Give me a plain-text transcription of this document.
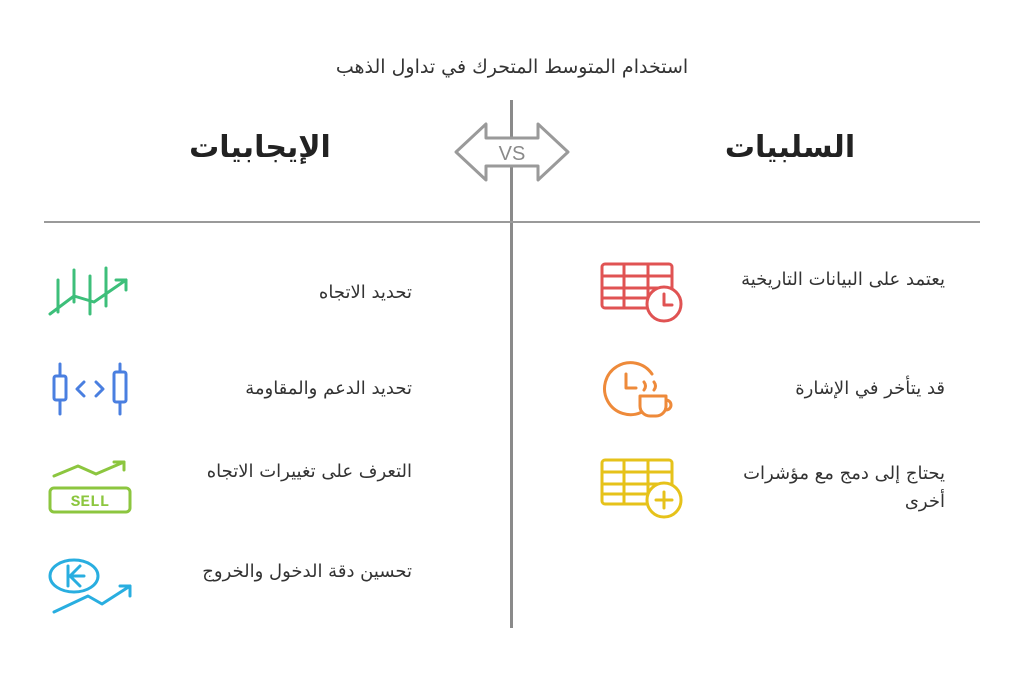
استخدام المتوسط المتحرك في تداول الذهب
الإيجابيات	السلبيات
VS
تحديد الاتجاه
تحديد الدعم والمقاومة
SELL
التعرف على تغييرات الاتجاه
تحسين دقة الدخول والخروج
يعتمد على البيانات التاريخية
قد يتأخر في الإشارة
يحتاج إلى دمج مع مؤشرات أخرى
